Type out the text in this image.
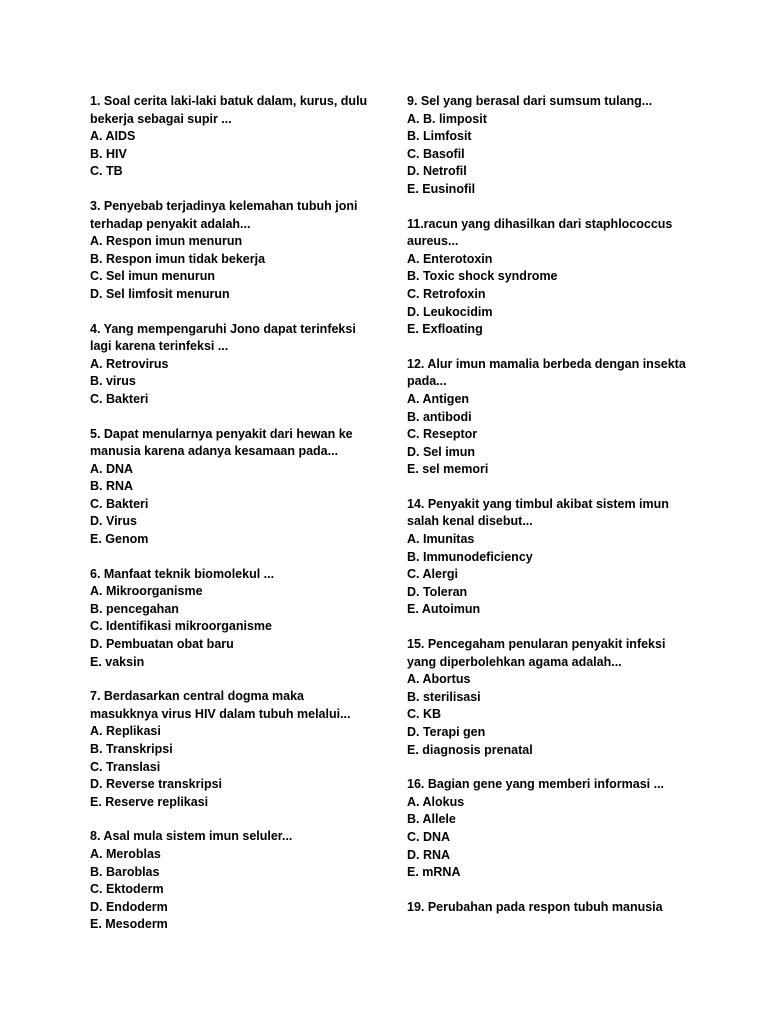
1. Soal cerita laki-laki batuk dalam, kurus, dulu
bekerja sebagai supir ...

A. AIDS

B. HIV

C. TB

3. Penyebab terjadinya kelemahan tubuh joni
terhadap penyakit adalah...

A. Respon imun menurun

B. Respon imun tidak bekerja

C. Sel imun menurun

D. Sel limfosit menurun

4. Yang mempengaruhi Jono dapat terinfeksi
lagi karena terinfeksi ...

A. Retrovirus

B. virus

C. Bakteri

5. Dapat menularnya penyakit dari hewan ke
manusia karena adanya kesamaan pada...

A. DNA

B. RNA

C. Bakteri

D. Virus

E. Genom

6. Manfaat teknik biomolekul ...

A. Mikroorganisme

B. pencegahan

C. Identifikasi mikroorganisme

D. Pembuatan obat baru

E. vaksin

7. Berdasarkan central dogma maka
masukknya virus HIV dalam tubuh melalui...

A. Replikasi

B. Transkripsi

C. Translasi

D. Reverse transkripsi

E. Reserve replikasi

8. Asal mula sistem imun seluler...

A. Meroblas

B. Baroblas

C. Ektoderm

D. Endoderm

E. Mesoderm

9. Sel yang berasal dari sumsum tulang...

A. B. limposit

B. Limfosit

C. Basofil

D. Netrofil

E. Eusinofil

11.racun yang dihasilkan dari staphlococcus
aureus...

A. Enterotoxin

B. Toxic shock syndrome

C. Retrofoxin

D. Leukocidim

E. Exfloating

12. Alur imun mamalia berbeda dengan insekta
pada...

A. Antigen

B. antibodi

C. Reseptor

D. Sel imun

E. sel memori

14. Penyakit yang timbul akibat sistem imun
salah kenal disebut...

A. Imunitas

B. Immunodeficiency

C. Alergi

D. Toleran

E. Autoimun

15. Pencegaham penularan penyakit infeksi
yang diperbolehkan agama adalah...

A. Abortus

B. sterilisasi

C. KB

D. Terapi gen

E. diagnosis prenatal

16. Bagian gene yang memberi informasi ...

A. Alokus

B. Allele

C. DNA

D. RNA

E. mRNA

19. Perubahan pada respon tubuh manusia
